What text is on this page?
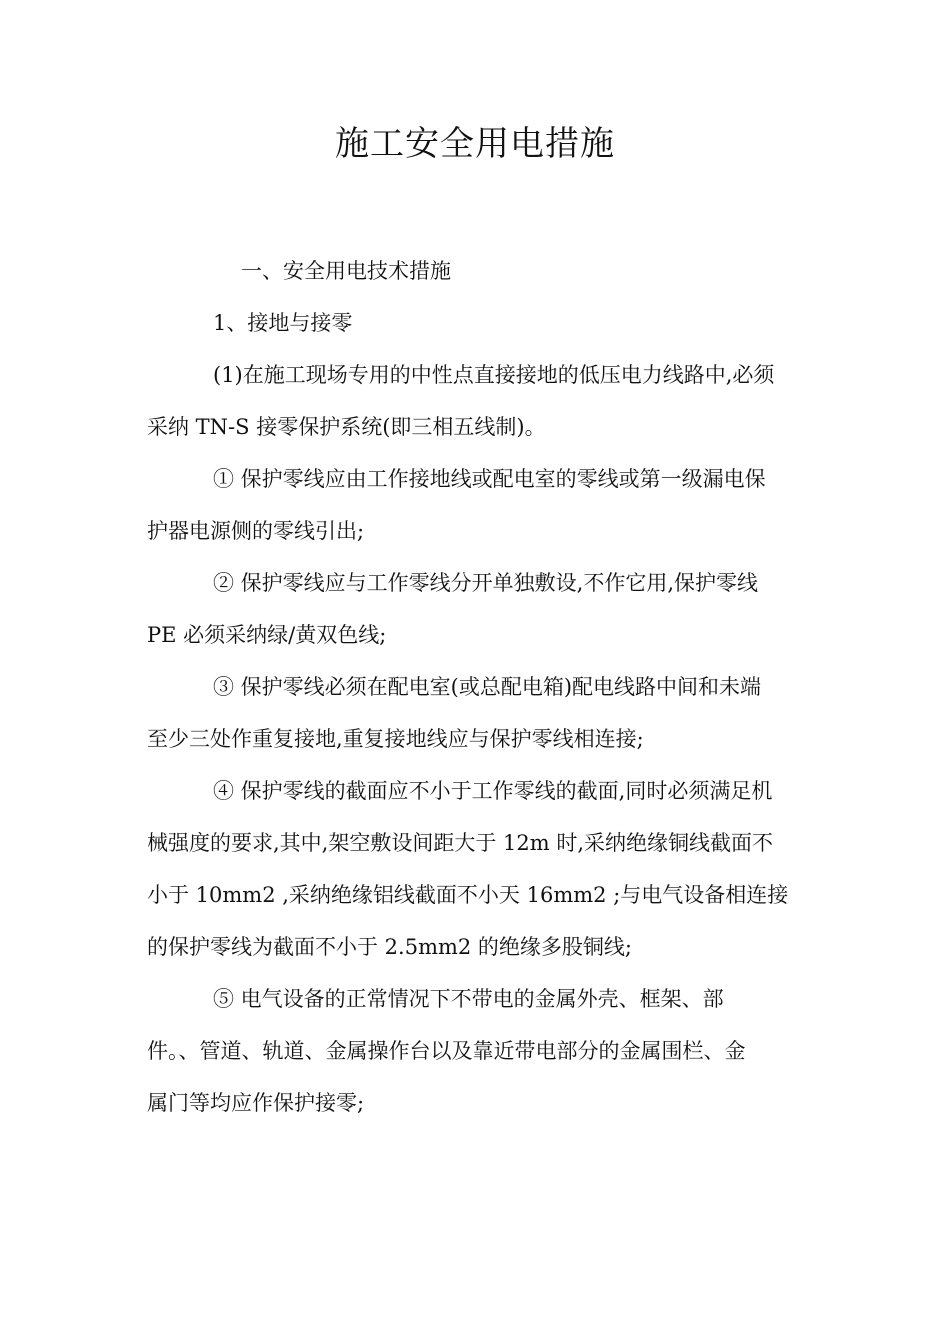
施工安全用电措施

一、安全用电技术措施

1、接地与接零

(1)在施工现场专用的中性点直接接地的低压电力线路中,必须
采纳 TN-S 接零保护系统(即三相五线制)。
① 保护零线应由工作接地线或配电室的零线或第一级漏电保
护器电源侧的零线引出;
② 保护零线应与工作零线分开单独敷设,不作它用,保护零线
PE 必须采纳绿/黄双色线;
③ 保护零线必须在配电室(或总配电箱)配电线路中间和未端
至少三处作重复接地,重复接地线应与保护零线相连接;
④ 保护零线的截面应不小于工作零线的截面,同时必须满足机
械强度的要求,其中,架空敷设间距大于 12m 时,采纳绝缘铜线截面不
小于 10mm2 ,采纳绝缘铝线截面不小天 16mm2 ;与电气设备相连接
的保护零线为截面不小于 2.5mm2 的绝缘多股铜线;
⑤ 电气设备的正常情况下不带电的金属外壳、框架、部
件。、管道、轨道、金属操作台以及靠近带电部分的金属围栏、金
属门等均应作保护接零;
